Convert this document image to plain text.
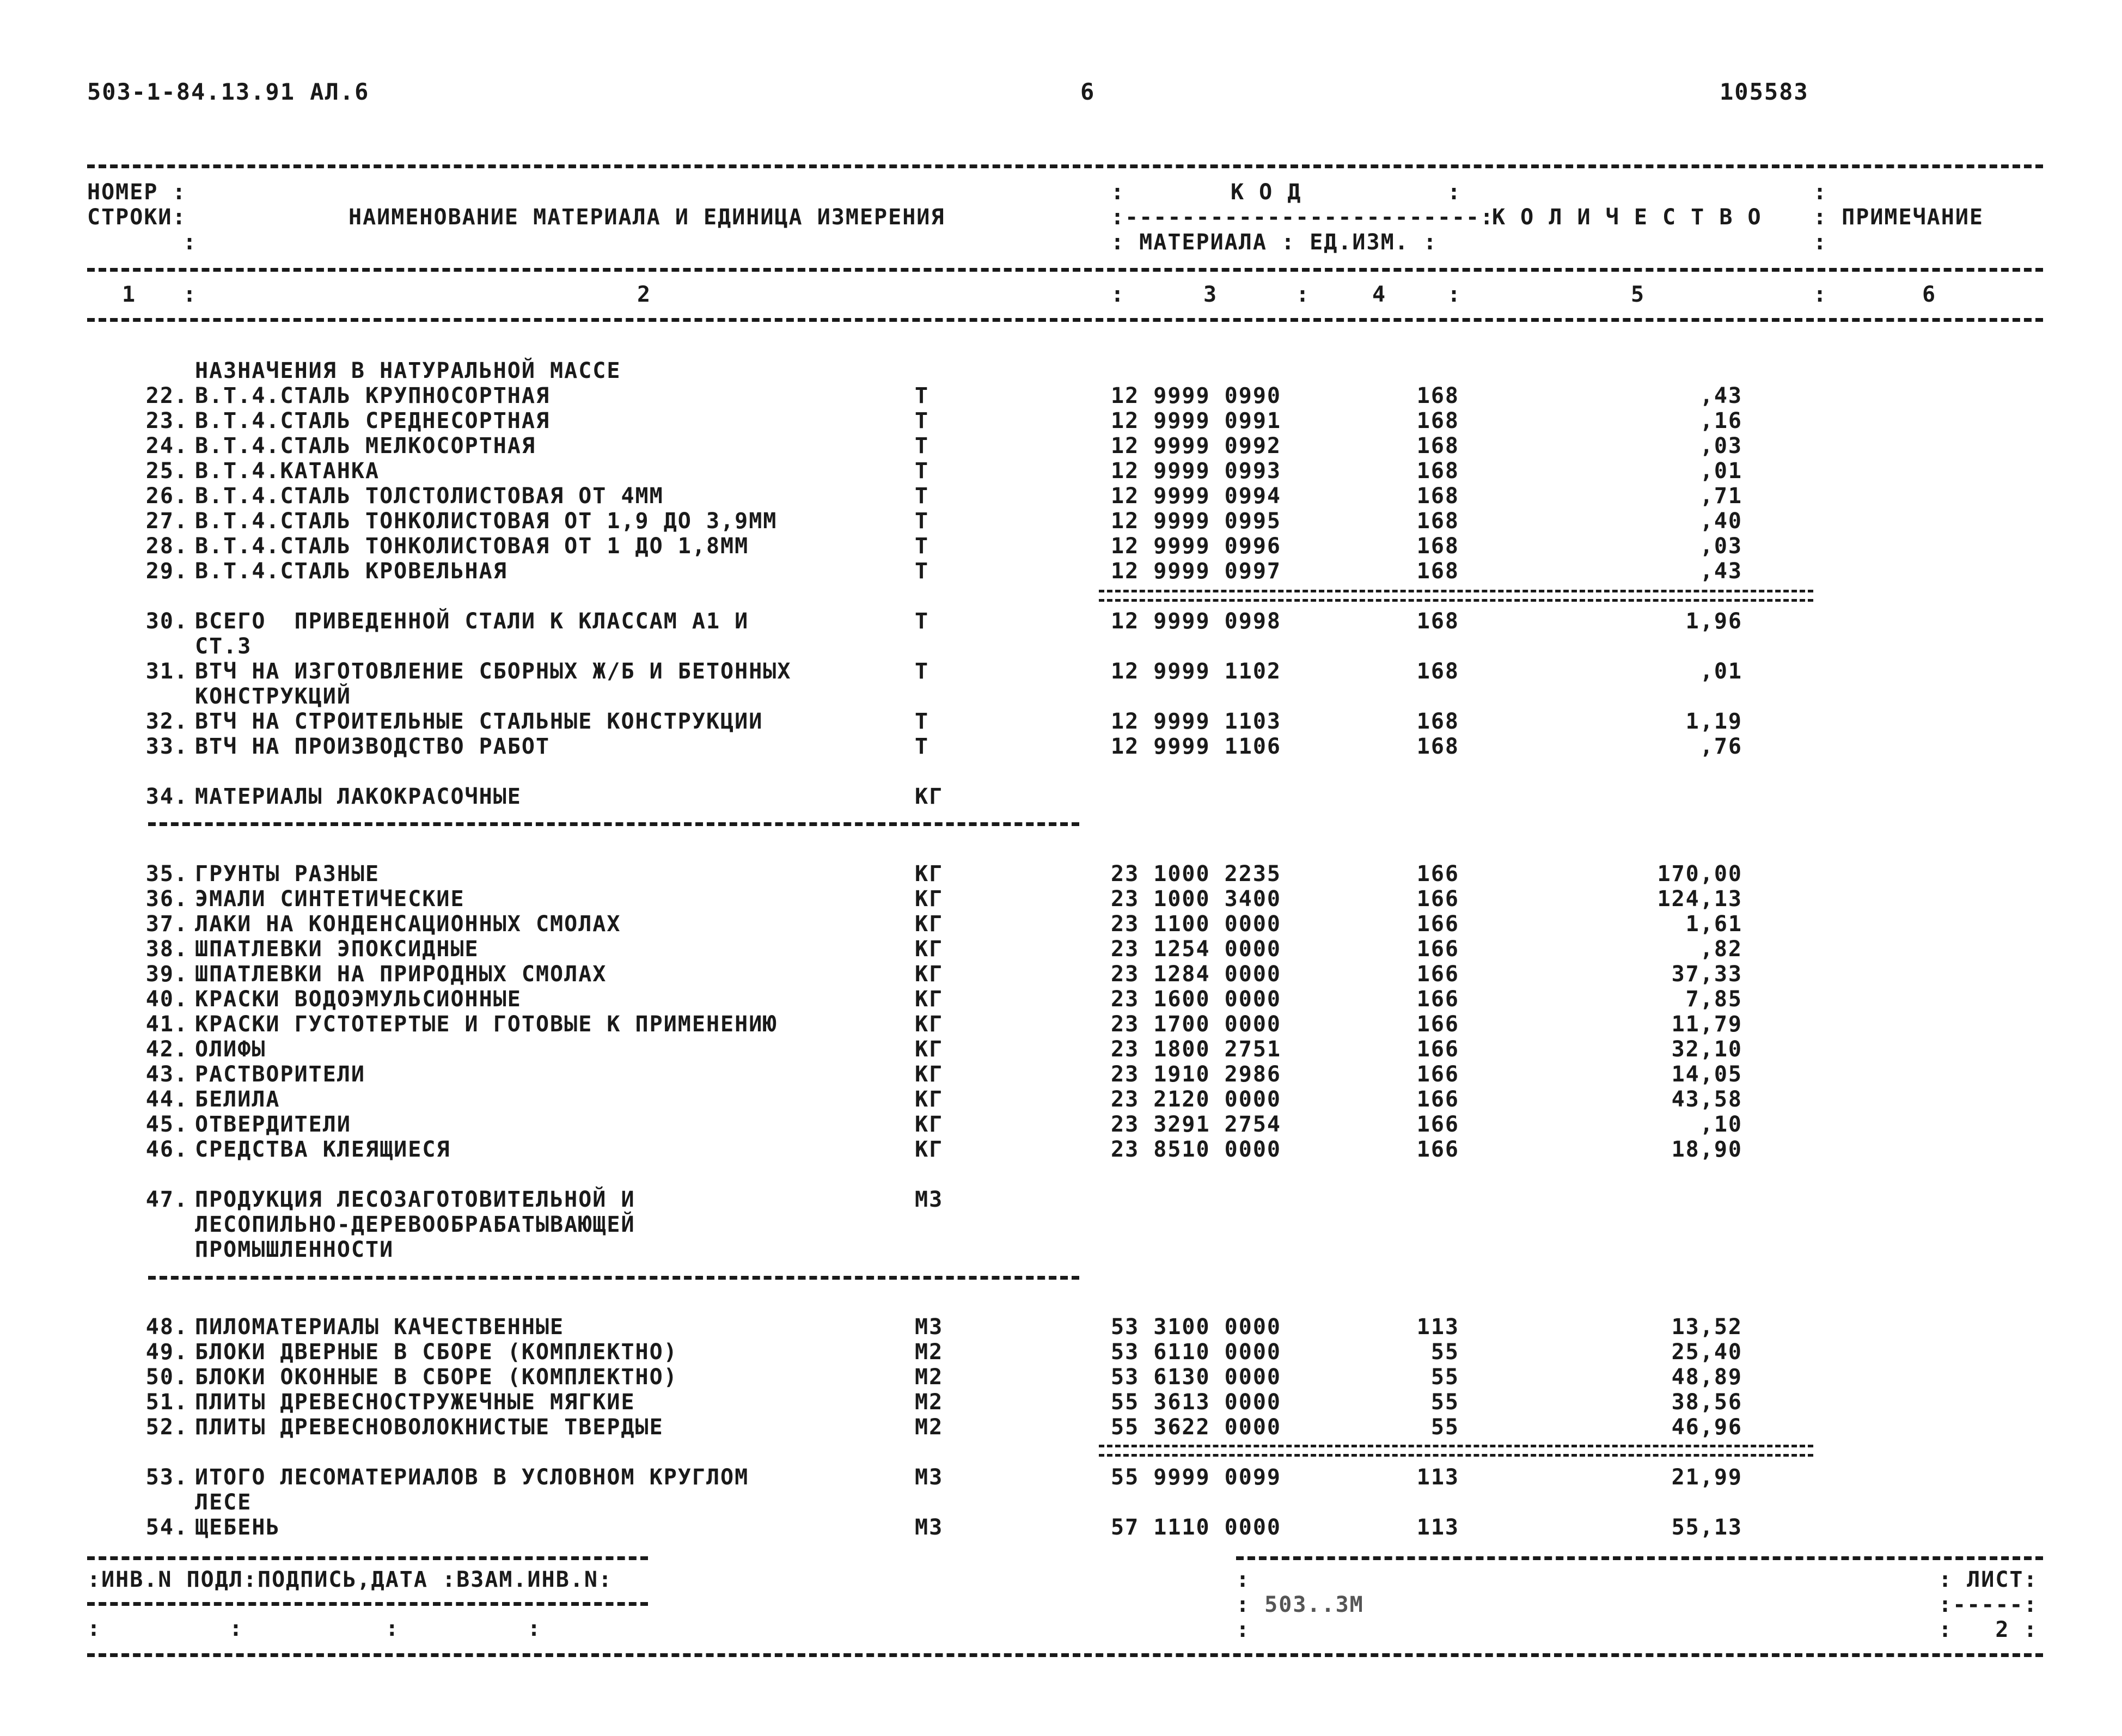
503-1-84.13.91 АЛ.6	6	105583
НОМЕР :
СТРОКИ:
:
НАИМЕНОВАНИЕ МАТЕРИАЛА И ЕДИНИЦА ИЗМЕРЕНИЯ
:	К О Д	:
:-------------------------:
: МАТЕРИАЛА : ЕД.ИЗМ. :
К О Л И Ч Е С Т В О
:
: ПРИМЕЧАНИЕ
:
1 :	2	:	3	:	4	:	5	:	6
НАЗНАЧЕНИЯ В НАТУРАЛЬНОЙ МАССЕ
22. В.Т.4.СТАЛЬ КРУПНОСОРТНАЯ	Т	12 9999 0990	168	,43
23. В.Т.4.СТАЛЬ СРЕДНЕСОРТНАЯ	Т	12 9999 0991	168	,16
24. В.Т.4.СТАЛЬ МЕЛКОСОРТНАЯ	Т	12 9999 0992	168	,03
25. В.Т.4.КАТАНКА	Т	12 9999 0993	168	,01
26. В.Т.4.СТАЛЬ ТОЛСТОЛИСТОВАЯ ОТ 4ММ	Т	12 9999 0994	168	,71
27. В.Т.4.СТАЛЬ ТОНКОЛИСТОВАЯ ОТ 1,9 ДО 3,9ММ	Т	12 9999 0995	168	,40
28. В.Т.4.СТАЛЬ ТОНКОЛИСТОВАЯ ОТ 1 ДО 1,8ММ	Т	12 9999 0996	168	,03
29. В.Т.4.СТАЛЬ КРОВЕЛЬНАЯ	Т	12 9999 0997	168	,43
30. ВСЕГО  ПРИВЕДЕННОЙ СТАЛИ К КЛАССАМ А1 И	Т	12 9999 0998	168	1,96
СТ.3
31. ВТЧ НА ИЗГОТОВЛЕНИЕ СБОРНЫХ Ж/Б И БЕТОННЫХ	Т	12 9999 1102	168	,01
КОНСТРУКЦИЙ
32. ВТЧ НА СТРОИТЕЛЬНЫЕ СТАЛЬНЫЕ КОНСТРУКЦИИ	Т	12 9999 1103	168	1,19
33. ВТЧ НА ПРОИЗВОДСТВО РАБОТ	Т	12 9999 1106	168	,76
34. МАТЕРИАЛЫ ЛАКОКРАСОЧНЫЕ	КГ
35. ГРУНТЫ РАЗНЫЕ	КГ	23 1000 2235	166	170,00
36. ЭМАЛИ СИНТЕТИЧЕСКИЕ	КГ	23 1000 3400	166	124,13
37. ЛАКИ НА КОНДЕНСАЦИОННЫХ СМОЛАХ	КГ	23 1100 0000	166	1,61
38. ШПАТЛЕВКИ ЭПОКСИДНЫЕ	КГ	23 1254 0000	166	,82
39. ШПАТЛЕВКИ НА ПРИРОДНЫХ СМОЛАХ	КГ	23 1284 0000	166	37,33
40. КРАСКИ ВОДОЭМУЛЬСИОННЫЕ	КГ	23 1600 0000	166	7,85
41. КРАСКИ ГУСТОТЕРТЫЕ И ГОТОВЫЕ К ПРИМЕНЕНИЮ	КГ	23 1700 0000	166	11,79
42. ОЛИФЫ	КГ	23 1800 2751	166	32,10
43. РАСТВОРИТЕЛИ	КГ	23 1910 2986	166	14,05
44. БЕЛИЛА	КГ	23 2120 0000	166	43,58
45. ОТВЕРДИТЕЛИ	КГ	23 3291 2754	166	,10
46. СРЕДСТВА КЛЕЯЩИЕСЯ	КГ	23 8510 0000	166	18,90
47. ПРОДУКЦИЯ ЛЕСОЗАГОТОВИТЕЛЬНОЙ И	М3
ЛЕСОПИЛЬНО-ДЕРЕВООБРАБАТЫВАЮЩЕЙ
ПРОМЫШЛЕННОСТИ
48. ПИЛОМАТЕРИАЛЫ КАЧЕСТВЕННЫЕ	М3	53 3100 0000	113	13,52
49. БЛОКИ ДВЕРНЫЕ В СБОРЕ (КОМПЛЕКТНО)	М2	53 6110 0000	55	25,40
50. БЛОКИ ОКОННЫЕ В СБОРЕ (КОМПЛЕКТНО)	М2	53 6130 0000	55	48,89
51. ПЛИТЫ ДРЕВЕСНОСТРУЖЕЧНЫЕ МЯГКИЕ	М2	55 3613 0000	55	38,56
52. ПЛИТЫ ДРЕВЕСНОВОЛОКНИСТЫЕ ТВЕРДЫЕ	М2	55 3622 0000	55	46,96
53. ИТОГО ЛЕСОМАТЕРИАЛОВ В УСЛОВНОМ КРУГЛОМ	М3	55 9999 0099	113	21,99
ЛЕСЕ
54. ЩЕБЕНЬ	М3	57 1110 0000	113	55,13
:ИНВ.N ПОДЛ:ПОДПИСЬ,ДАТА :ВЗАМ.ИНВ.N:
:         :          :         :
:
: 503..3М
:
: ЛИСТ:
:-----:
:   2 :
